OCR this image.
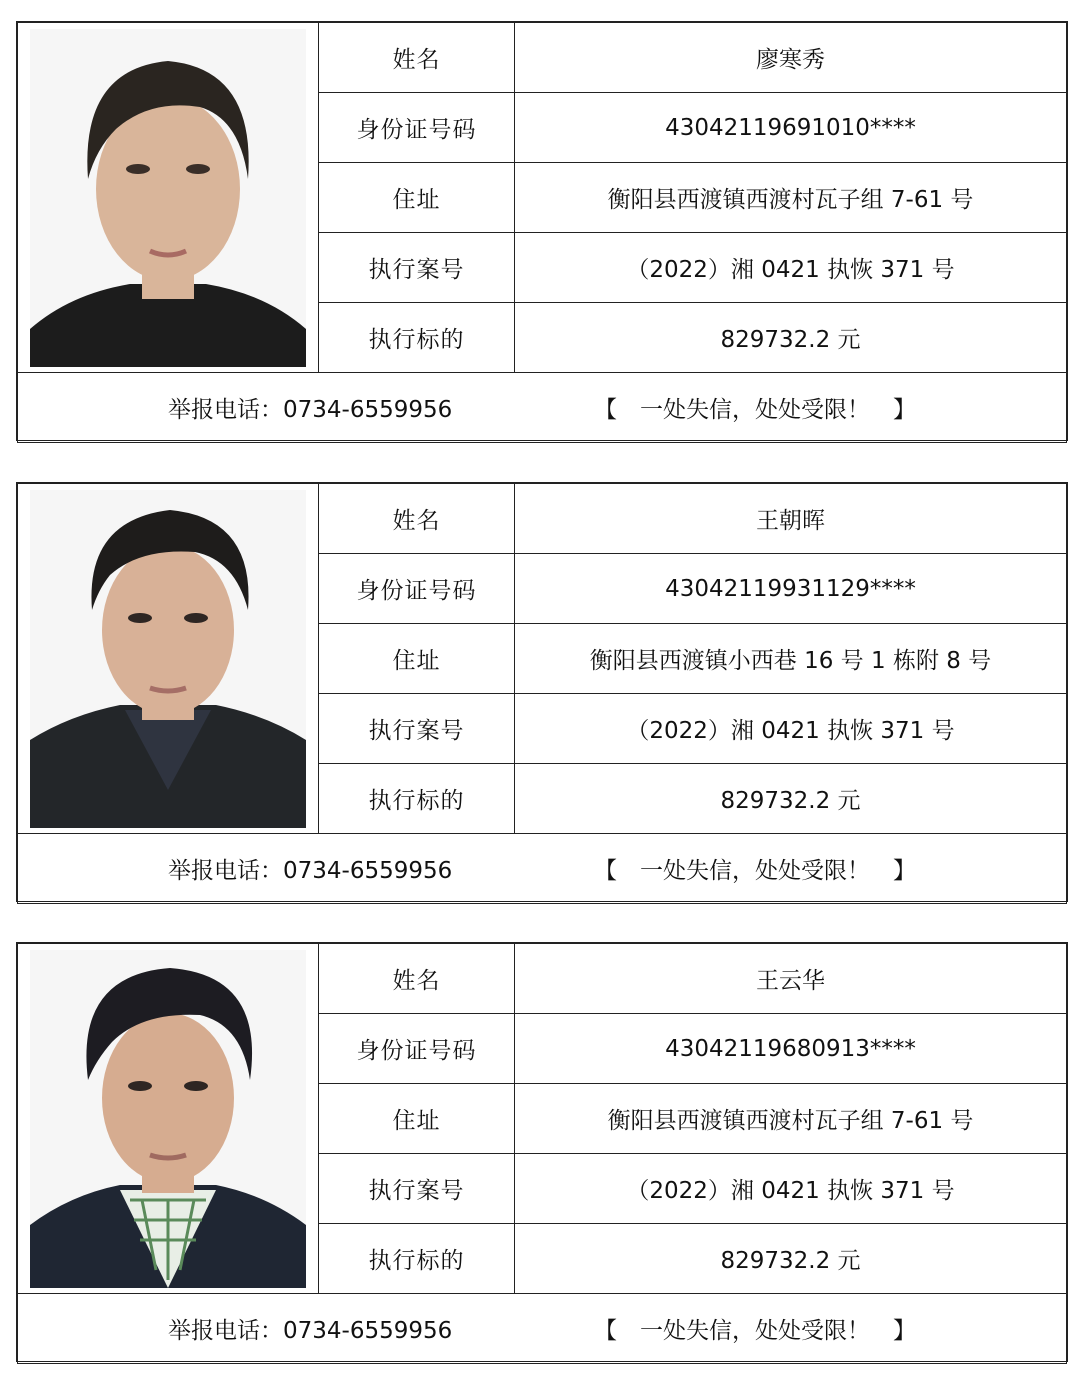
	姓名	廖寒秀
	身份证号码	43042119691010****
	住址	衡阳县西渡镇西渡村瓦子组 7-61 号
	执行案号	（2022）湘 0421 执恢 371 号
	执行标的	829732.2 元

举报电话：0734-6559956 【　一处失信，处处受限！　】		
	姓名	王朝晖
	身份证号码	43042119931129****
	住址	衡阳县西渡镇小西巷 16 号 1 栋附 8 号
	执行案号	（2022）湘 0421 执恢 371 号
	执行标的	829732.2 元

举报电话：0734-6559956 【　一处失信，处处受限！　】		
	姓名	王云华
	身份证号码	43042119680913****
	住址	衡阳县西渡镇西渡村瓦子组 7-61 号
	执行案号	（2022）湘 0421 执恢 371 号
	执行标的	829732.2 元

举报电话：0734-6559956 【　一处失信，处处受限！　】		
